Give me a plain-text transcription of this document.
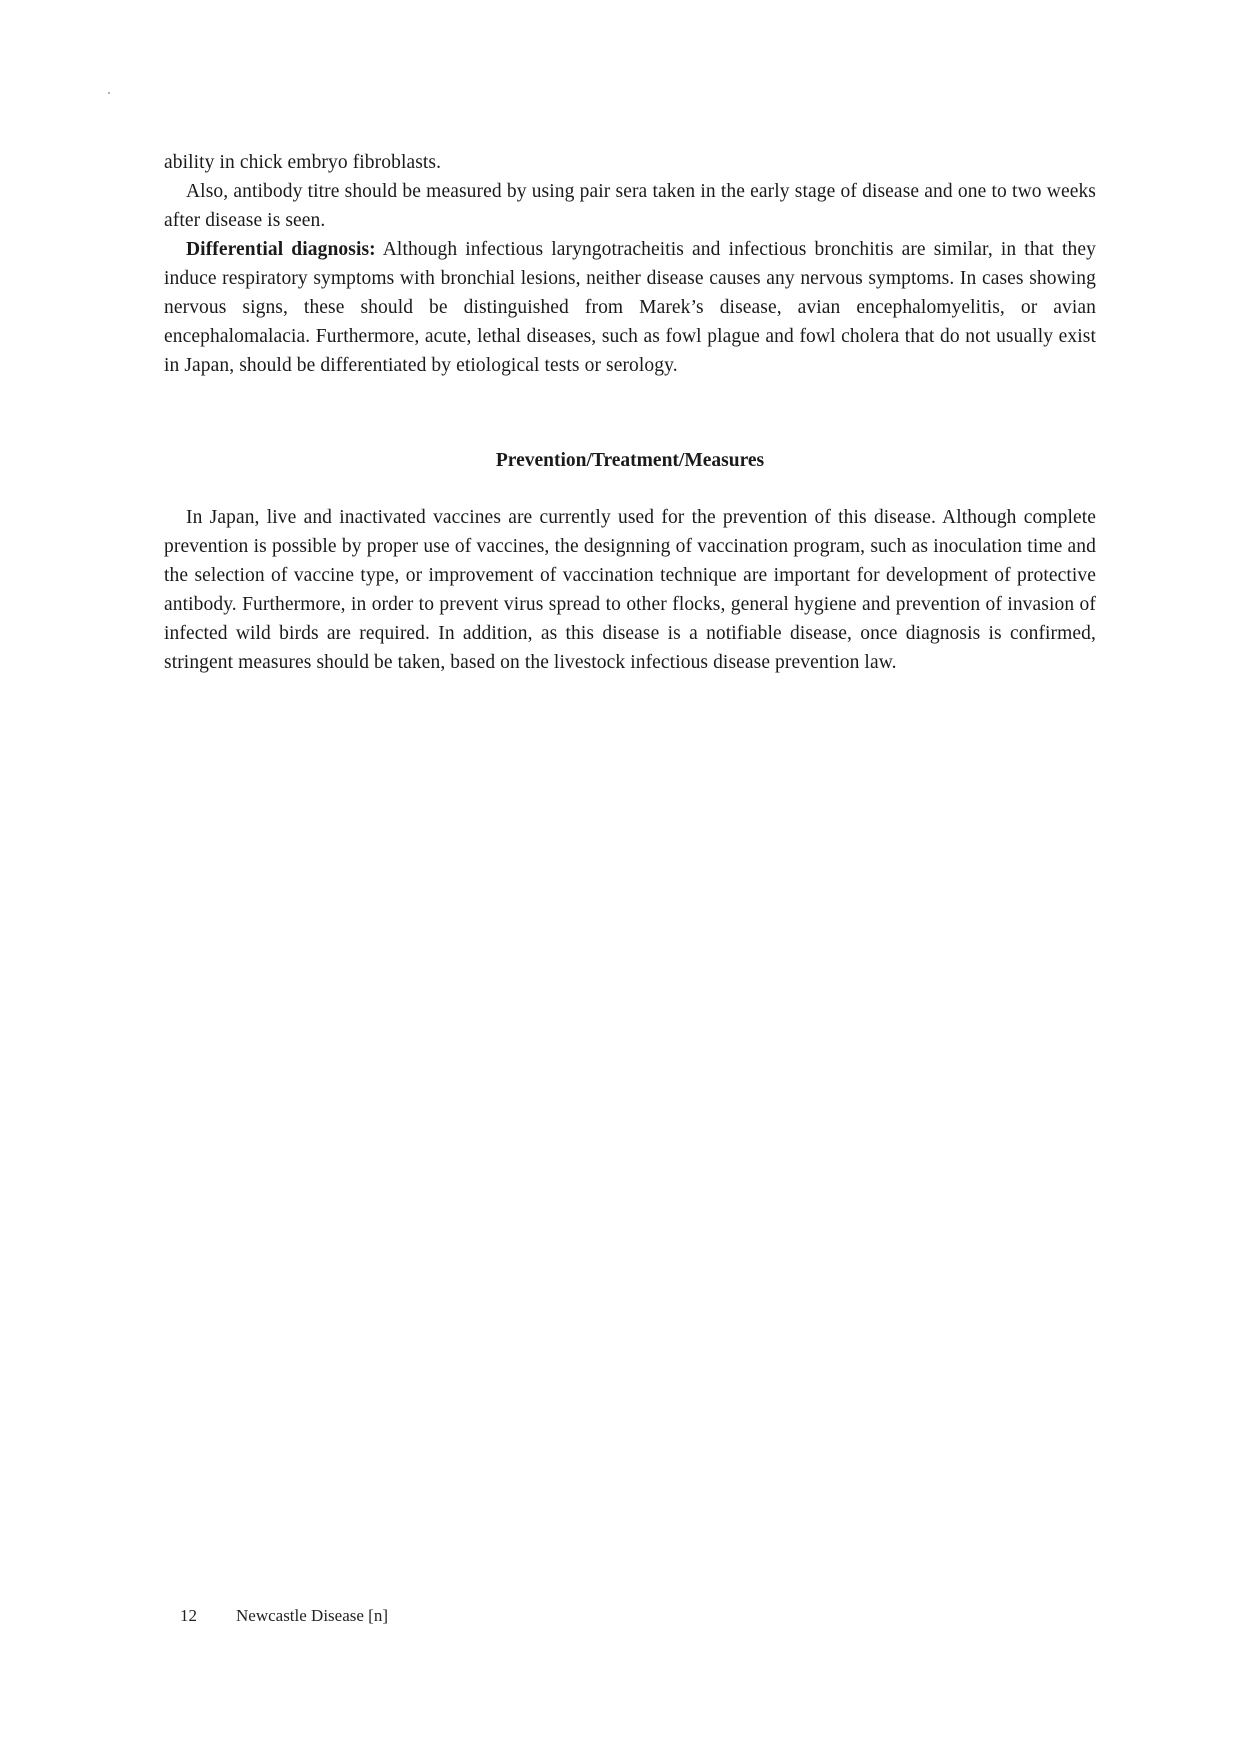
ability in chick embryo fibroblasts.

Also, antibody titre should be measured by using pair sera taken in the early stage of disease and one to two weeks after disease is seen.

Differential diagnosis: Although infectious laryngotracheitis and infectious bronchitis are similar, in that they induce respiratory symptoms with bronchial lesions, neither disease causes any nervous symptoms. In cases showing nervous signs, these should be distinguished from Marek’s disease, avian encephalomyelitis, or avian encephalomalacia. Furthermore, acute, lethal diseases, such as fowl plague and fowl cholera that do not usually exist in Japan, should be differentiated by etiological tests or serology.

Prevention/Treatment/Measures

In Japan, live and inactivated vaccines are currently used for the prevention of this disease. Although complete prevention is possible by proper use of vaccines, the designning of vaccination program, such as inoculation time and the selection of vaccine type, or improvement of vaccination technique are important for development of protective antibody. Furthermore, in order to prevent virus spread to other flocks, general hygiene and prevention of invasion of infected wild birds are required. In addition, as this disease is a notifiable disease, once diagnosis is confirmed, stringent measures should be taken, based on the livestock infectious disease prevention law.

12 Newcastle Disease [n]
